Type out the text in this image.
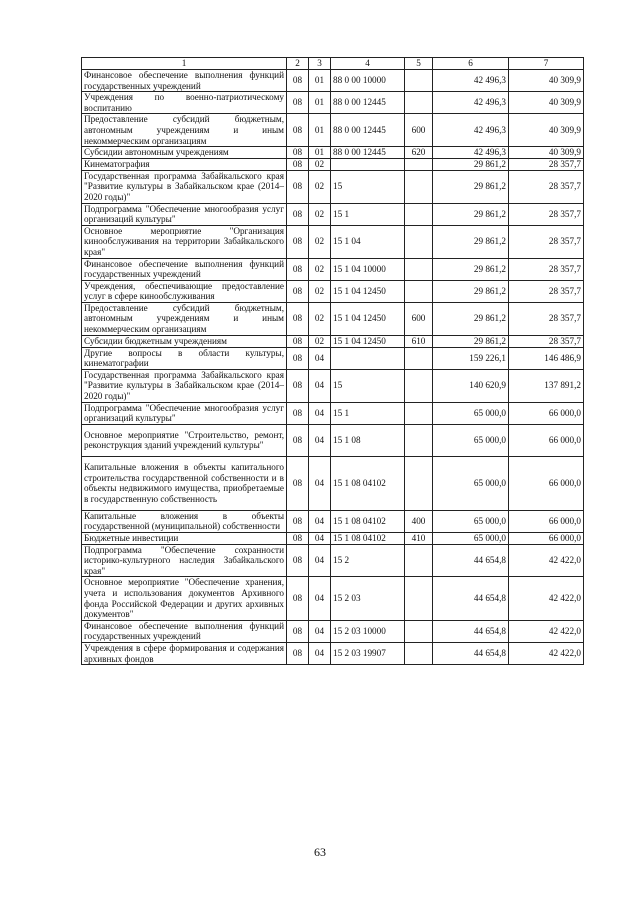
1	2	3	4	5	6	7
Финансовое обеспечение выполнения функций государственных учреждений	08	01	88 0 00 10000		42 496,3	40 309,9
Учреждения по военно-патриотическому воспитанию	08	01	88 0 00 12445		42 496,3	40 309,9
Предоставление субсидий бюджетным, автономным учреждениям и иным некоммерческим организациям	08	01	88 0 00 12445	600	42 496,3	40 309,9
Субсидии автономным учреждениям	08	01	88 0 00 12445	620	42 496,3	40 309,9
Кинематография	08	02			29 861,2	28 357,7
Государственная программа Забайкальского края "Развитие культуры в Забайкальском крае (2014–2020 годы)"	08	02	15		29 861,2	28 357,7
Подпрограмма "Обеспечение многообразия услуг организаций культуры"	08	02	15 1		29 861,2	28 357,7
Основное мероприятие "Организация кинообслуживания на территории Забайкальского края"	08	02	15 1 04		29 861,2	28 357,7
Финансовое обеспечение выполнения функций государственных учреждений	08	02	15 1 04 10000		29 861,2	28 357,7
Учреждения, обеспечивающие предоставление услуг в сфере кинообслуживания	08	02	15 1 04 12450		29 861,2	28 357,7
Предоставление субсидий бюджетным, автономным учреждениям и иным некоммерческим организациям	08	02	15 1 04 12450	600	29 861,2	28 357,7
Субсидии бюджетным учреждениям	08	02	15 1 04 12450	610	29 861,2	28 357,7
Другие вопросы в области культуры, кинематографии	08	04			159 226,1	146 486,9
Государственная программа Забайкальского края "Развитие культуры в Забайкальском крае (2014–2020 годы)"	08	04	15		140 620,9	137 891,2
Подпрограмма "Обеспечение многообразия услуг организаций культуры"	08	04	15 1		65 000,0	66 000,0
Основное мероприятие "Строительство, ремонт, реконструкция зданий учреждений культуры"	08	04	15 1 08		65 000,0	66 000,0
Капитальные вложения в объекты капитального строительства государственной собственности и в объекты недвижимого имущества, приобретаемые в государственную собственность	08	04	15 1 08 04102		65 000,0	66 000,0
Капитальные вложения в объекты государственной (муниципальной) собственности	08	04	15 1 08 04102	400	65 000,0	66 000,0
Бюджетные инвестиции	08	04	15 1 08 04102	410	65 000,0	66 000,0
Подпрограмма "Обеспечение сохранности историко-культурного наследия Забайкальского края"	08	04	15 2		44 654,8	42 422,0
Основное мероприятие "Обеспечение хранения, учета и использования документов Архивного фонда Российской Федерации и других архивных документов"	08	04	15 2 03		44 654,8	42 422,0
Финансовое обеспечение выполнения функций государственных учреждений	08	04	15 2 03 10000		44 654,8	42 422,0
Учреждения в сфере формирования и содержания архивных фондов	08	04	15 2 03 19907		44 654,8	42 422,0
63
